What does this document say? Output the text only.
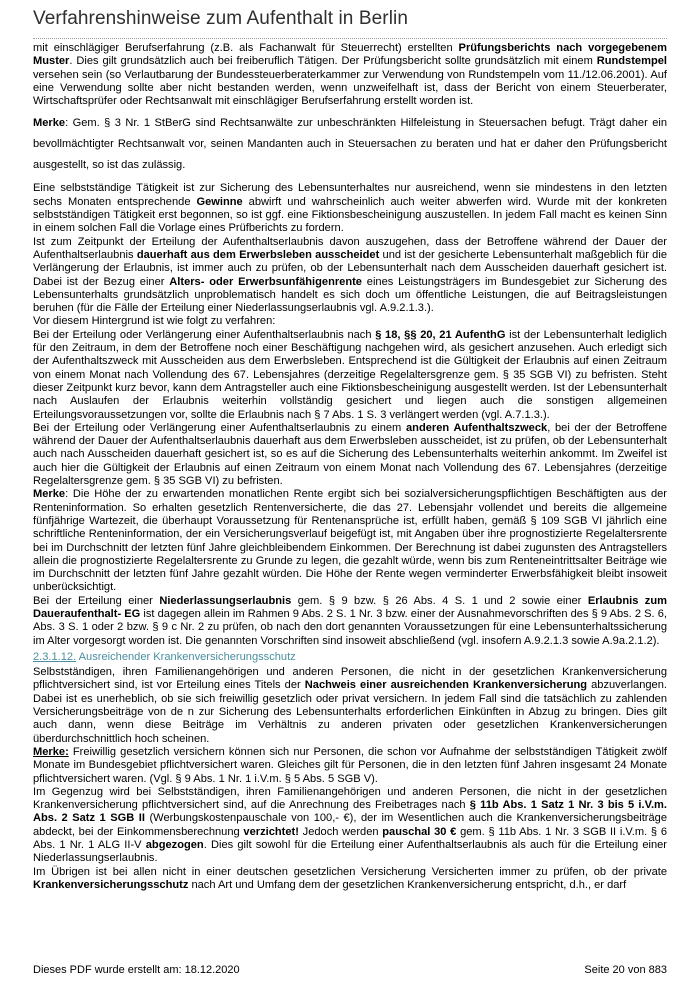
Verfahrenshinweise zum Aufenthalt in Berlin

mit einschlägiger Berufserfahrung (z.B. als Fachanwalt für Steuerrecht) erstellten Prüfungsberichts nach vorgegebenem Muster. Dies gilt grundsätzlich auch bei freiberuflich Tätigen. Der Prüfungsbericht sollte grundsätzlich mit einem Rundstempel versehen sein (so Verlautbarung der Bundessteuerberaterkammer zur Verwendung von Rundstempeln vom 11./12.06.2001). Auf eine Verwendung sollte aber nicht bestanden werden, wenn unzweifelhaft ist, dass der Bericht von einem Steuerberater, Wirtschaftsprüfer oder Rechtsanwalt mit einschlägiger Berufserfahrung erstellt worden ist.

Merke: Gem. § 3 Nr. 1 StBerG sind Rechtsanwälte zur unbeschränkten Hilfeleistung in Steuersachen befugt. Trägt daher ein bevollmächtigter Rechtsanwalt vor, seinen Mandanten auch in Steuersachen zu beraten und hat er daher den Prüfungsbericht ausgestellt, so ist das zulässig.

Eine selbstständige Tätigkeit ist zur Sicherung des Lebensunterhaltes nur ausreichend, wenn sie mindestens in den letzten sechs Monaten entsprechende Gewinne abwirft und wahrscheinlich auch weiter abwerfen wird. Wurde mit der konkreten selbstständigen Tätigkeit erst begonnen, so ist ggf. eine Fiktionsbescheinigung auszustellen. In jedem Fall macht es keinen Sinn in einem solchen Fall die Vorlage eines Prüfberichts zu fordern.

Ist zum Zeitpunkt der Erteilung der Aufenthaltserlaubnis davon auszugehen, dass der Betroffene während der Dauer der Aufenthaltserlaubnis dauerhaft aus dem Erwerbsleben ausscheidet und ist der gesicherte Lebensunterhalt maßgeblich für die Verlängerung der Erlaubnis, ist immer auch zu prüfen, ob der Lebensunterhalt nach dem Ausscheiden dauerhaft gesichert ist. Dabei ist der Bezug einer Alters- oder Erwerbsunfähigenrente eines Leistungsträgers im Bundesgebiet zur Sicherung des Lebensunterhalts grundsätzlich unproblematisch handelt es sich doch um öffentliche Leistungen, die auf Beitragsleistungen beruhen (für die Fälle der Erteilung einer Niederlassungserlaubnis vgl. A.9.2.1.3.).

Vor diesem Hintergrund ist wie folgt zu verfahren:

Bei der Erteilung oder Verlängerung einer Aufenthaltserlaubnis nach § 18, §§ 20, 21 AufenthG ist der Lebensunterhalt lediglich für den Zeitraum, in dem der Betroffene noch einer Beschäftigung nachgehen wird, als gesichert anzusehen. Auch erledigt sich der Aufenthaltszweck mit Ausscheiden aus dem Erwerbsleben. Entsprechend ist die Gültigkeit der Erlaubnis auf einen Zeitraum von einem Monat nach Vollendung des 67. Lebensjahres (derzeitige Regelaltersgrenze gem. § 35 SGB VI) zu befristen. Steht dieser Zeitpunkt kurz bevor, kann dem Antragsteller auch eine Fiktionsbescheinigung ausgestellt werden. Ist der Lebensunterhalt nach Auslaufen der Erlaubnis weiterhin vollständig gesichert und liegen auch die sonstigen allgemeinen Erteilungsvoraussetzungen vor, sollte die Erlaubnis nach § 7 Abs. 1 S. 3 verlängert werden (vgl. A.7.1.3.).

Bei der Erteilung oder Verlängerung einer Aufenthaltserlaubnis zu einem anderen Aufenthaltszweck, bei der der Betroffene während der Dauer der Aufenthaltserlaubnis dauerhaft aus dem Erwerbsleben ausscheidet, ist zu prüfen, ob der Lebensunterhalt auch nach Ausscheiden dauerhaft gesichert ist, so es auf die Sicherung des Lebensunterhalts weiterhin ankommt. Im Zweifel ist auch hier die Gültigkeit der Erlaubnis auf einen Zeitraum von einem Monat nach Vollendung des 67. Lebensjahres (derzeitige Regelaltersgrenze gem. § 35 SGB VI) zu befristen.

Merke: Die Höhe der zu erwartenden monatlichen Rente ergibt sich bei sozialversicherungspflichtigen Beschäftigten aus der Renteninformation. So erhalten gesetzlich Rentenversicherte, die das 27. Lebensjahr vollendet und bereits die allgemeine fünfjährige Wartezeit, die überhaupt Voraussetzung für Rentenansprüche ist, erfüllt haben, gemäß § 109 SGB VI jährlich eine schriftliche Renteninformation, der ein Versicherungsverlauf beigefügt ist, mit Angaben über ihre prognostizierte Regelaltersrente bei im Durchschnitt der letzten fünf Jahre gleichbleibendem Einkommen. Der Berechnung ist dabei zugunsten des Antragstellers allein die prognostizierte Regelaltersrente zu Grunde zu legen, die gezahlt würde, wenn bis zum Renteneintrittsalter Beiträge wie im Durchschnitt der letzten fünf Jahre gezahlt würden. Die Höhe der Rente wegen verminderter Erwerbsfähigkeit bleibt insoweit unberücksichtigt.

Bei der Erteilung einer Niederlassungserlaubnis gem. § 9 bzw. § 26 Abs. 4 S. 1 und 2 sowie einer Erlaubnis zum Daueraufenthalt- EG ist dagegen allein im Rahmen 9 Abs. 2 S. 1 Nr. 3 bzw. einer der Ausnahmevorschriften des § 9 Abs. 2 S. 6, Abs. 3 S. 1 oder 2 bzw. § 9 c Nr. 2 zu prüfen, ob nach den dort genannten Voraussetzungen für eine Lebensunterhaltssicherung im Alter vorgesorgt worden ist. Die genannten Vorschriften sind insoweit abschließend (vgl. insofern A.9.2.1.3 sowie A.9a.2.1.2).

2.3.1.12. Ausreichender Krankenversicherungsschutz

Selbstständigen, ihren Familienangehörigen und anderen Personen, die nicht in der gesetzlichen Krankenversicherung pflichtversichert sind, ist vor Erteilung eines Titels der Nachweis einer ausreichenden Krankenversicherung abzuverlangen. Dabei ist es unerheblich, ob sie sich freiwillig gesetzlich oder privat versichern. In jedem Fall sind die tatsächlich zu zahlenden Versicherungsbeiträge von de n zur Sicherung des Lebensunterhalts erforderlichen Einkünften in Abzug zu bringen. Dies gilt auch dann, wenn diese Beiträge im Verhältnis zu anderen privaten oder gesetzlichen Krankenversicherungen überdurchschnittlich hoch scheinen.

Merke: Freiwillig gesetzlich versichern können sich nur Personen, die schon vor Aufnahme der selbstständigen Tätigkeit zwölf Monate im Bundesgebiet pflichtversichert waren. Gleiches gilt für Personen, die in den letzten fünf Jahren insgesamt 24 Monate pflichtversichert waren. (Vgl. § 9 Abs. 1 Nr. 1 i.V.m. § 5 Abs. 5 SGB V).

Im Gegenzug wird bei Selbstständigen, ihren Familienangehörigen und anderen Personen, die nicht in der gesetzlichen Krankenversicherung pflichtversichert sind, auf die Anrechnung des Freibetrages nach § 11b Abs. 1 Satz 1 Nr. 3 bis 5 i.V.m. Abs. 2 Satz 1 SGB II (Werbungskostenpauschale von 100,- €), der im Wesentlichen auch die Krankenversicherungsbeiträge abdeckt, bei der Einkommensberechnung verzichtet! Jedoch werden pauschal 30 € gem. § 11b Abs. 1 Nr. 3 SGB II i.V.m. § 6 Abs. 1 Nr. 1 ALG II-V abgezogen. Dies gilt sowohl für die Erteilung einer Aufenthaltserlaubnis als auch für die Erteilung einer Niederlassungserlaubnis.

Im Übrigen ist bei allen nicht in einer deutschen gesetzlichen Versicherung Versicherten immer zu prüfen, ob der private Krankenversicherungsschutz nach Art und Umfang dem der gesetzlichen Krankenversicherung entspricht, d.h., er darf

Dieses PDF wurde erstellt am: 18.12.2020	Seite 20 von 883
